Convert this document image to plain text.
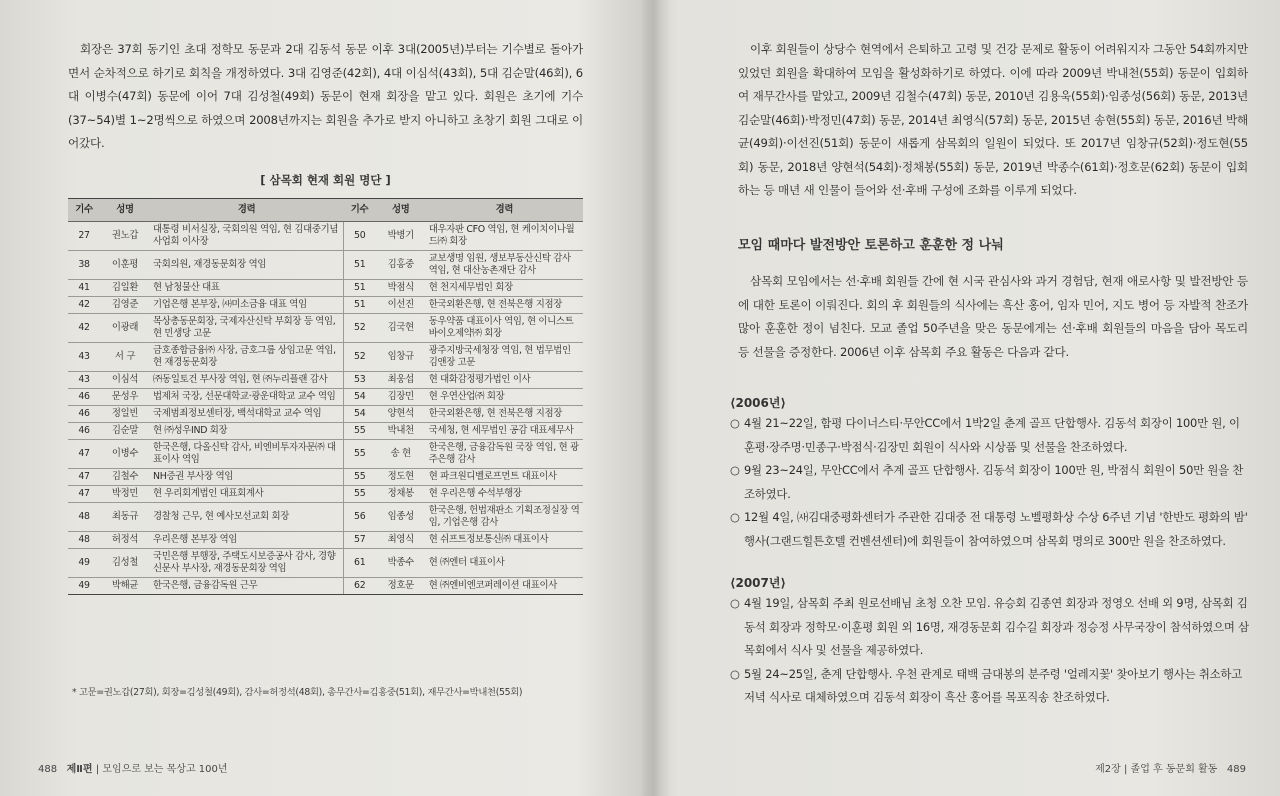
회장은 37회 동기인 초대 정학모 동문과 2대 김동석 동문 이후 3대(2005년)부터는 기수별로 돌아가면서 순차적으로 하기로 회칙을 개정하였다. 3대 김영준(42회), 4대 이심석(43회), 5대 김순말(46회), 6대 이병수(47회) 동문에 이어 7대 김성철(49회) 동문이 현재 회장을 맡고 있다. 회원은 초기에 기수(37~54)별 1~2명씩으로 하였으며 2008년까지는 회원을 추가로 받지 아니하고 초창기 회원 그대로 이어갔다.
[ 삼목회 현재 회원 명단 ]
기수	성명	경력	기수	성명	경력
27	권노갑	대통령 비서실장, 국회의원 역임, 현 김대중기념사업회 이사장	50	박병기	대우자판 CFO 역임, 현 케이치이나월드㈜ 회장
38	이훈평	국회의원, 재경동문회장 역임	51	김홍중	교보생명 임원, 생보부동산신탁 감사 역임, 현 대산농촌재단 감사
41	김일환	현 남청물산 대표	51	박점식	현 천지세무법인 회장
42	김영준	기업은행 본부장, ㈔미소금융 대표 역임	51	이선진	한국외환은행, 현 전북은행 지점장
42	이광래	목상총동문회장, 국제자산신탁 부회장 등 역임, 현 민생당 고문	52	김국현	동우약품 대표이사 역임, 현 이니스트바이오제약㈜ 회장
43	서 구	금호종합금융㈜ 사장, 금호그룹 상임고문 역임, 현 재경동문회장	52	임창규	광주지방국세청장 역임, 현 법무법인 김앤장 고문
43	이심석	㈜동일토건 부사장 역임, 현 ㈜누리플랜 감사	53	최웅섭	현 대화감정평가법인 이사
46	문성우	법제처 국장, 선문대학교·광운대학교 교수 역임	54	김장민	현 우연산업㈜ 회장
46	정일빈	국제범죄정보센터장, 백석대학교 교수 역임	54	양현석	한국외환은행, 현 전북은행 지점장
46	김순말	현 ㈜성우IND 회장	55	박내천	국세청, 현 세무법인 공감 대표세무사
47	이병수	한국은행, 다올신탁 감사, 비엔비투자자문㈜ 대표이사 역임	55	송 현	한국은행, 금융감독원 국장 역임, 현 광주은행 감사
47	김철수	NH증권 부사장 역임	55	정도현	현 파크원디벨로프먼트 대표이사
47	박정민	현 우리회계법인 대표회계사	55	정채봉	현 우리은행 수석부행장
48	최동규	경찰청 근무, 현 예사모선교회 회장	56	임종성	한국은행, 헌법재판소 기획조정실장 역임, 기업은행 감사
48	허정석	우리은행 본부장 역임	57	최영식	현 쉬프트정보통신㈜ 대표이사
49	김성철	국민은행 부행장, 주택도시보증공사 감사, 경향신문사 부사장, 재경동문회장 역임	61	박종수	현 ㈜엔터 대표이사
49	박해균	한국은행, 금융감독원 근무	62	정호문	현 ㈜엔비엔코퍼레이션 대표이사
* 고문=권노갑(27회), 회장=김성철(49회), 감사=허정석(48회), 총무간사=김홍중(51회), 재무간사=박내천(55회)
488 제Ⅱ편 | 모임으로 보는 목상고 100년
이후 회원들이 상당수 현역에서 은퇴하고 고령 및 건강 문제로 활동이 어려워지자 그동안 54회까지만 있었던 회원을 확대하여 모임을 활성화하기로 하였다. 이에 따라 2009년 박내천(55회) 동문이 입회하여 재무간사를 맡았고, 2009년 김철수(47회) 동문, 2010년 김용욱(55회)·임종성(56회) 동문, 2013년 김순말(46회)·박정민(47회) 동문, 2014년 최영식(57회) 동문, 2015년 송현(55회) 동문, 2016년 박해균(49회)·이선진(51회) 동문이 새롭게 삼목회의 일원이 되었다. 또 2017년 임창규(52회)·정도현(55회) 동문, 2018년 양현석(54회)·정채봉(55회) 동문, 2019년 박종수(61회)·정호문(62회) 동문이 입회하는 등 매년 새 인물이 들어와 선·후배 구성에 조화를 이루게 되었다.
모임 때마다 발전방안 토론하고 훈훈한 정 나눠
삼목회 모임에서는 선·후배 회원들 간에 현 시국 관심사와 과거 경험담, 현재 애로사항 및 발전방안 등에 대한 토론이 이뤄진다. 회의 후 회원들의 식사에는 흑산 홍어, 임자 민어, 지도 병어 등 자발적 찬조가 많아 훈훈한 정이 넘친다. 모교 졸업 50주년을 맞은 동문에게는 선·후배 회원들의 마음을 담아 목도리 등 선물을 증정한다. 2006년 이후 삼목회 주요 활동은 다음과 같다.
⟨2006년⟩
○ 4월 21~22일, 함평 다이너스티·무안CC에서 1박2일 춘계 골프 단합행사. 김동석 회장이 100만 원, 이훈평·장주명·민종구·박점식·김장민 회원이 식사와 시상품 및 선물을 찬조하였다.
○ 9월 23~24일, 무안CC에서 추계 골프 단합행사. 김동석 회장이 100만 원, 박점식 회원이 50만 원을 찬조하였다.
○ 12월 4일, ㈔김대중평화센터가 주관한 김대중 전 대통령 노벨평화상 수상 6주년 기념 '한반도 평화의 밤' 행사(그랜드힐튼호텔 컨벤션센터)에 회원들이 참여하였으며 삼목회 명의로 300만 원을 찬조하였다.
⟨2007년⟩
○ 4월 19일, 삼목회 주최 원로선배님 초청 오찬 모임. 유승회 김종연 회장과 정영오 선배 외 9명, 삼목회 김동석 회장과 정학모·이훈평 회원 외 16명, 재경동문회 김수길 회장과 정승정 사무국장이 참석하였으며 삼목회에서 식사 및 선물을 제공하였다.
○ 5월 24~25일, 춘계 단합행사. 우천 관계로 태백 금대봉의 분주령 '얼레지꽃' 찾아보기 행사는 취소하고 저녁 식사로 대체하였으며 김동석 회장이 흑산 홍어를 목포직송 찬조하였다.
제2장 | 졸업 후 동문회 활동 489
